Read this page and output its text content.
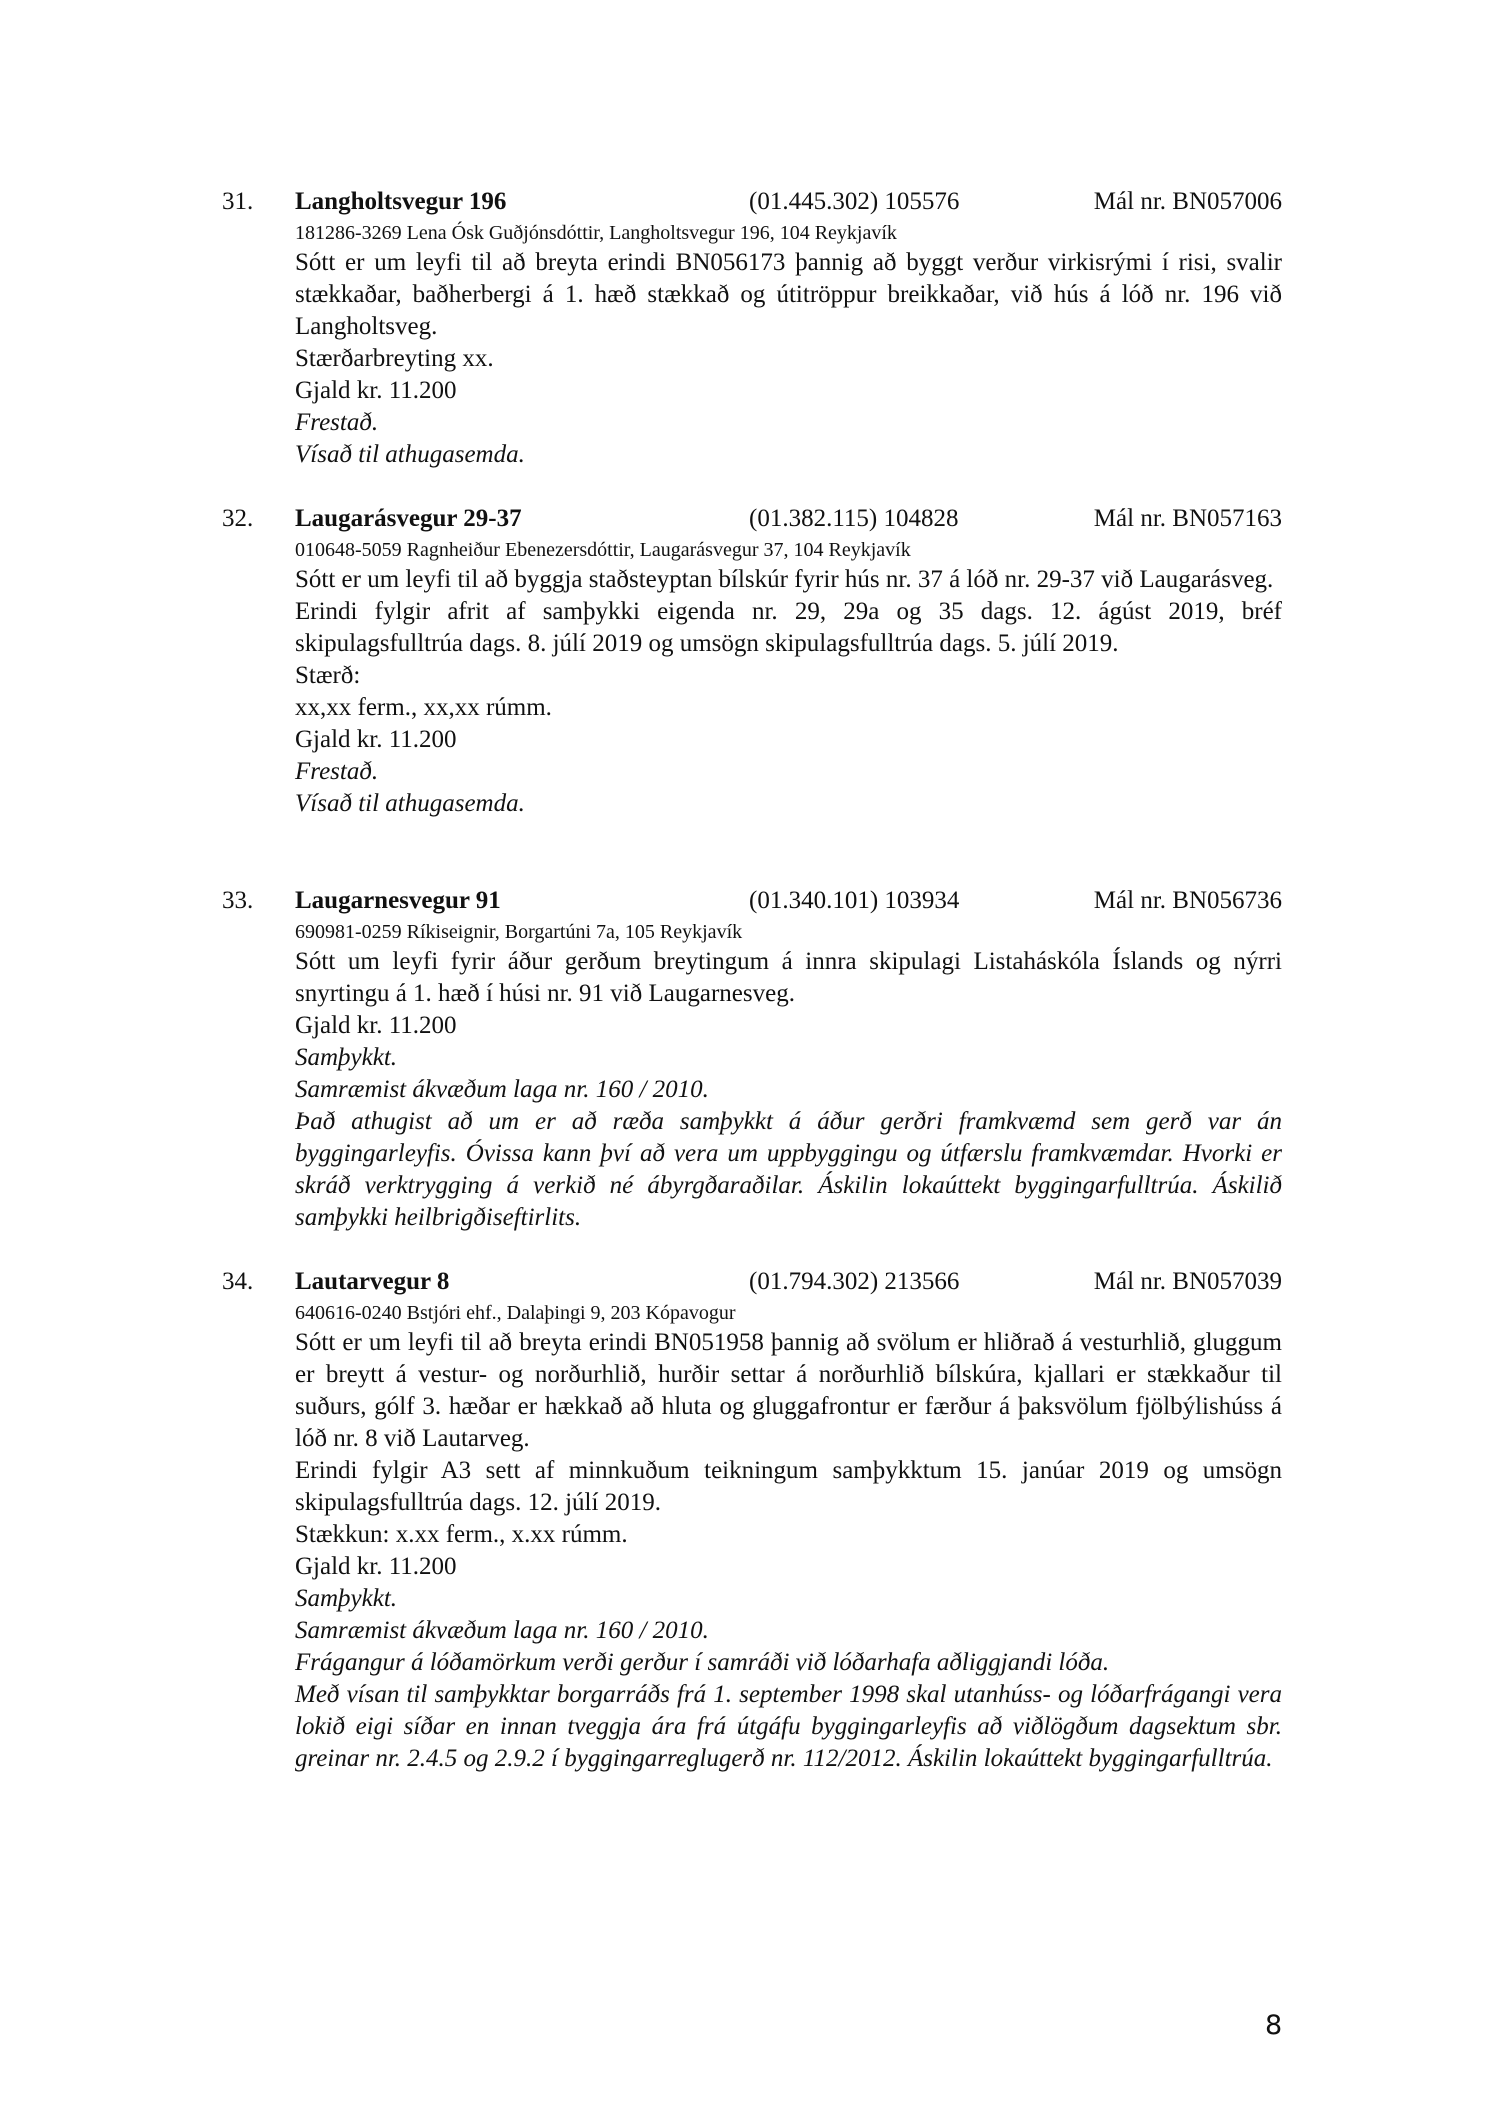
31. Langholtsvegur 196	(01.445.302) 105576	Mál nr. BN057006
181286-3269 Lena Ósk Guðjónsdóttir, Langholtsvegur 196, 104 Reykjavík
Sótt er um leyfi til að breyta erindi BN056173 þannig að byggt verður virkisrými í risi, svalir stækkaðar, baðherbergi á 1. hæð stækkað og útitröppur breikkaðar, við hús á lóð nr. 196 við Langholtsveg.
Stærðarbreyting xx.
Gjald kr. 11.200
Frestað.
Vísað til athugasemda.
32. Laugarásvegur 29-37	(01.382.115) 104828	Mál nr. BN057163
010648-5059 Ragnheiður Ebenezersdóttir, Laugarásvegur 37, 104 Reykjavík
Sótt er um leyfi til að byggja staðsteyptan bílskúr fyrir hús nr. 37 á lóð nr. 29-37 við Laugarásveg.
Erindi fylgir afrit af samþykki eigenda nr. 29, 29a og 35 dags. 12. ágúst 2019, bréf skipulagsfulltrúa dags. 8. júlí 2019 og umsögn skipulagsfulltrúa dags. 5. júlí 2019.
Stærð:
xx,xx ferm., xx,xx rúmm.
Gjald kr. 11.200
Frestað.
Vísað til athugasemda.
33. Laugarnesvegur 91	(01.340.101) 103934	Mál nr. BN056736
690981-0259 Ríkiseignir, Borgartúni 7a, 105 Reykjavík
Sótt um leyfi fyrir áður gerðum breytingum á innra skipulagi Listaháskóla Íslands og nýrri snyrtingu á 1. hæð í húsi nr. 91 við Laugarnesveg.
Gjald kr. 11.200
Samþykkt.
Samræmist ákvæðum laga nr. 160 / 2010.
Það athugist að um er að ræða samþykkt á áður gerðri framkvæmd sem gerð var án byggingarleyfis. Óvissa kann því að vera um uppbyggingu og útfærslu framkvæmdar. Hvorki er skráð verktrygging á verkið né ábyrgðaraðilar. Áskilin lokaúttekt byggingarfulltrúa. Áskilið samþykki heilbrigðiseftirlits.
34. Lautarvegur 8	(01.794.302) 213566	Mál nr. BN057039
640616-0240 Bstjóri ehf., Dalaþingi 9, 203 Kópavogur
Sótt er um leyfi til að breyta erindi BN051958 þannig að svölum er hliðrað á vesturhlið, gluggum er breytt á vestur- og norðurhlið, hurðir settar á norðurhlið bílskúra, kjallari er stækkaður til suðurs, gólf 3. hæðar er hækkað að hluta og gluggafrontur er færður á þaksvölum fjölbýlishúss á lóð nr. 8 við Lautarveg.
Erindi fylgir A3 sett af minnkuðum teikningum samþykktum 15. janúar 2019 og umsögn skipulagsfulltrúa dags. 12. júlí 2019.
Stækkun: x.xx ferm., x.xx rúmm.
Gjald kr. 11.200
Samþykkt.
Samræmist ákvæðum laga nr. 160 / 2010.
Frágangur á lóðamörkum verði gerður í samráði við lóðarhafa aðliggjandi lóða.
Með vísan til samþykktar borgarráðs frá 1. september 1998 skal utanhúss- og lóðarfrágangi vera lokið eigi síðar en innan tveggja ára frá útgáfu byggingarleyfis að viðlögðum dagsektum sbr. greinar nr. 2.4.5 og 2.9.2 í byggingarreglugerð nr. 112/2012. Áskilin lokaúttekt byggingarfulltrúa.
8
